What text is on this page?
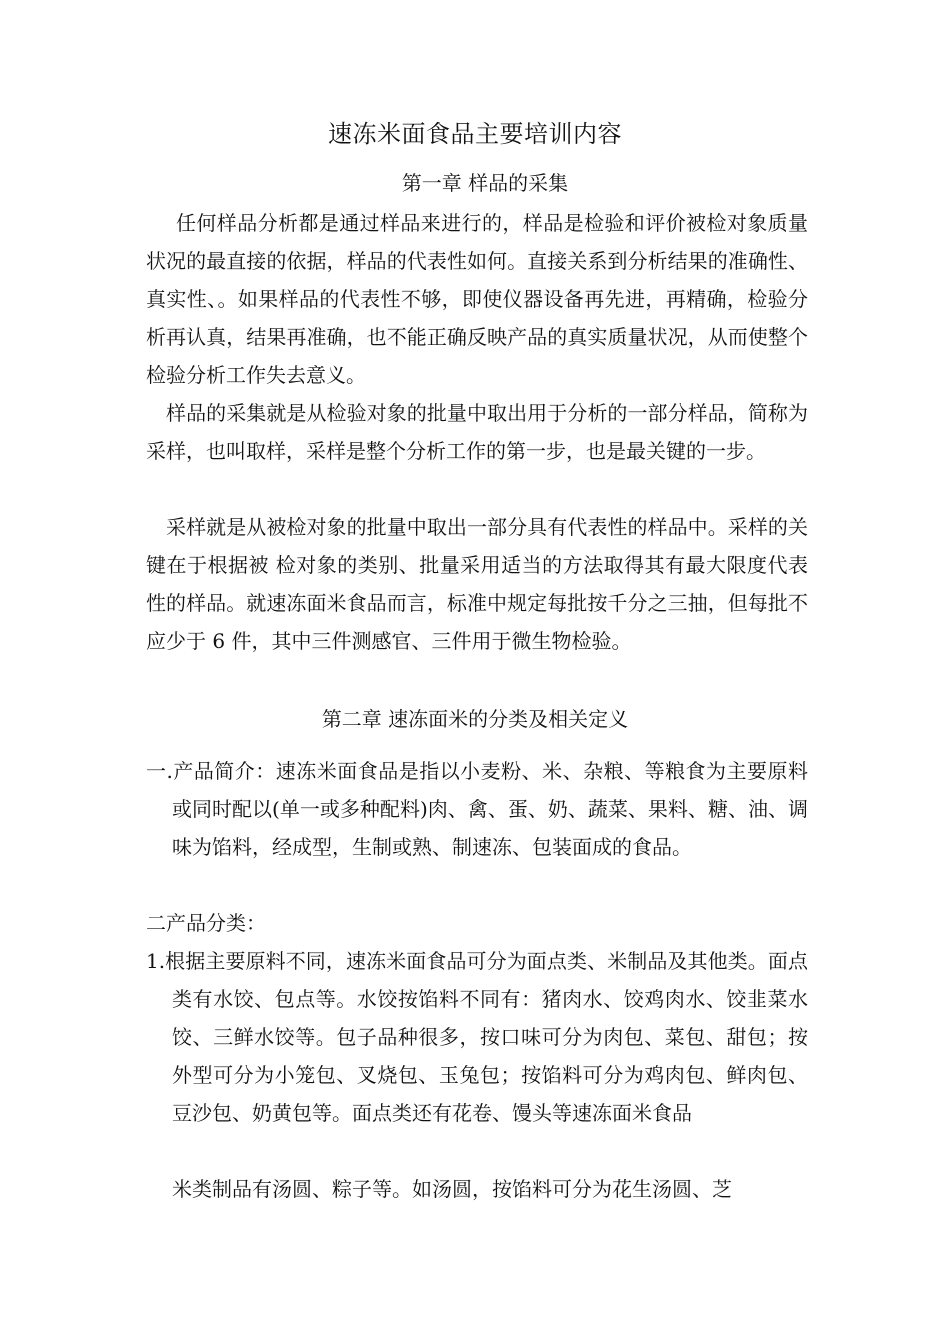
速冻米面食品主要培训内容
第一章 样品的采集

任何样品分析都是通过样品来进行的，样品是检验和评价被检对象质量状况的最直接的依据，样品的代表性如何。直接关系到分析结果的准确性、真实性、。如果样品的代表性不够，即使仪器设备再先进，再精确，检验分析再认真，结果再准确，也不能正确反映产品的真实质量状况，从而使整个检验分析工作失去意义。

样品的采集就是从检验对象的批量中取出用于分析的一部分样品，简称为采样，也叫取样，采样是整个分析工作的第一步，也是最关键的一步。

采样就是从被检对象的批量中取出一部分具有代表性的样品中。采样的关键在于根据被 检对象的类别、批量采用适当的方法取得其有最大限度代表性的样品。就速冻面米食品而言，标准中规定每批按千分之三抽，但每批不应少于 6 件，其中三件测感官、三件用于微生物检验。

第二章 速冻面米的分类及相关定义

一.产品简介：速冻米面食品是指以小麦粉、米、杂粮、等粮食为主要原料或同时配以(单一或多种配料)肉、禽、蛋、奶、蔬菜、果料、糖、油、调味为馅料，经成型，生制或熟、制速冻、包装面成的食品。

二产品分类：

1.根据主要原料不同，速冻米面食品可分为面点类、米制品及其他类。面点类有水饺、包点等。水饺按馅料不同有：猪肉水、饺鸡肉水、饺韭菜水饺、三鲜水饺等。包子品种很多，按口味可分为肉包、菜包、甜包；按外型可分为小笼包、叉烧包、玉兔包；按馅料可分为鸡肉包、鲜肉包、豆沙包、奶黄包等。面点类还有花卷、馒头等速冻面米食品

米类制品有汤圆、粽子等。如汤圆，按馅料可分为花生汤圆、芝
